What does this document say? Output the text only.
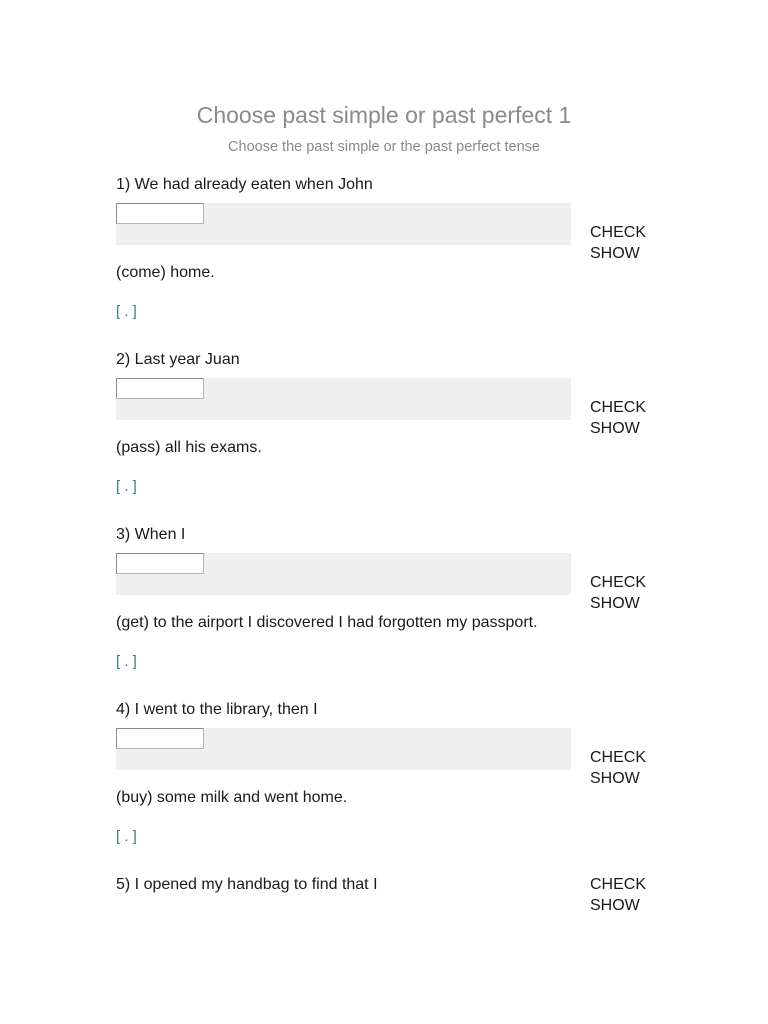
Choose past simple or past perfect 1
Choose the past simple or the past perfect tense
1) We had already eaten when John
CHECK
SHOW
(come) home.
[ . ]
2) Last year Juan
CHECK
SHOW
(pass) all his exams.
[ . ]
3) When I
CHECK
SHOW
(get) to the airport I discovered I had forgotten my passport.
[ . ]
4) I went to the library, then I
CHECK
SHOW
(buy) some milk and went home.
[ . ]
5) I opened my handbag to find that I	CHECK
SHOW
